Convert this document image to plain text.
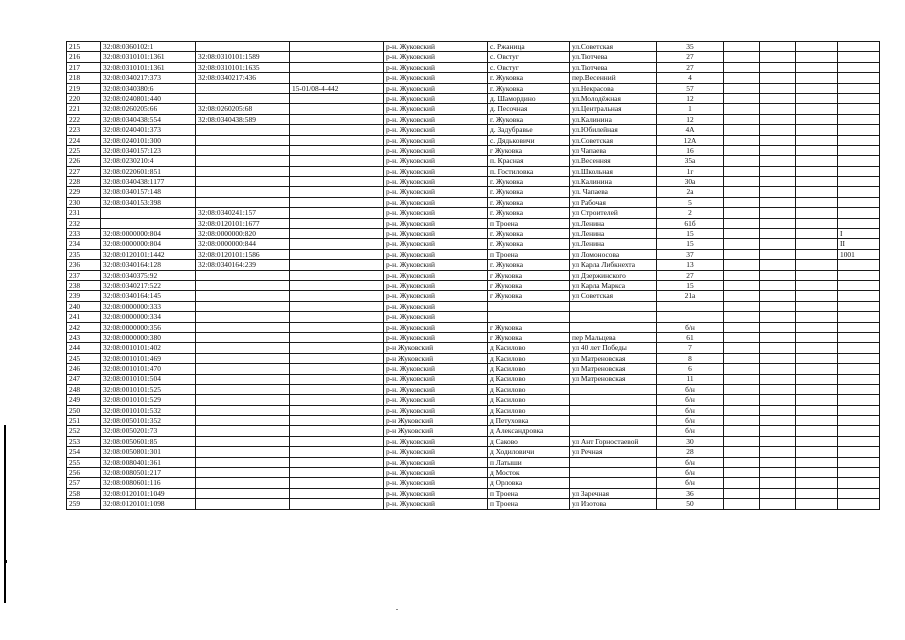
215	32:08:0360102:1			р-н. Жуковский	с. Ржаница	ул.Советская	35				
216	32:08:0310101:1361	32:08:0310101:1589		р-н. Жуковский	с. Овстуг	ул.Тютчева	27				
217	32:08:0310101:1361	32:08:0310101:1635		р-н. Жуковский	с. Овстуг	ул.Тютчева	27				
218	32:08:0340217:373	32:08:0340217:436		р-н. Жуковский	г. Жуковка	пер.Весенний	4				
219	32:08:0340380:6		15-01/08-4-442	р-н. Жуковский	г. Жуковка	ул.Некрасова	57				
220	32:08:0240801:440			р-н. Жуковский	д. Шамордино	ул.Молодёжная	12				
221	32:08:0260205:66	32:08:0260205:68		р-н. Жуковский	д. Песочная	ул.Центральная	1				
222	32:08:0340438:554	32:08:0340438:589		р-н. Жуковский	г. Жуковка	ул.Калинина	12				
223	32:08:0240401:373			р-н. Жуковский	д. Задубравье	ул.Юбилейная	4А				
224	32:08:0240101:300			р-н. Жуковский	с. Дядьковичи	ул.Советская	12А				
225	32:08:0340157:123			р-н. Жуковский	г Жуковка	ул Чапаева	16				
226	32:08:0230210:4			р-н. Жуковский	п. Красная	ул.Весенняя	35а				
227	32:08:0220601:851			р-н. Жуковский	п. Гостиловка	ул.Школьная	1г				
228	32:08:0340438:1177			р-н. Жуковский	г. Жуковка	ул.Калинина	30а				
229	32:08:0340157:148			р-н. Жуковский	г. Жуковка	ул. Чапаева	2а				
230	32:08:0340153:398			р-н. Жуковский	г. Жуковка	ул Рабочая	5				
231		32:08:0340241:157		р-н. Жуковский	г. Жуковка	ул Строителей	2				
232		32:08:0120101:1677		р-н. Жуковский	п Троена	ул.Ленина	61б				
233	32:08:0000000:804	32:08:0000000:820		р-н. Жуковский	г. Жуковка	ул.Ленина	15				I
234	32:08:0000000:804	32:08:0000000:844		р-н. Жуковский	г. Жуковка	ул.Ленина	15				II
235	32:08:0120101:1442	32:08:0120101:1586		р-н. Жуковский	п Троена	ул Ломоносова	37				1001
236	32:08:0340164:128	32:08:0340164:239		р-н. Жуковский	г. Жуковка	ул Карла Либкнехта	13				
237	32:08:0340375:92			р-н. Жуковский	г Жуковка	ул Дзержинского	27				
238	32:08:0340217:522			р-н. Жуковский	г Жуковка	ул Карла Маркса	15				
239	32:08:0340164:145			р-н. Жуковский	г Жуковка	ул Советская	21а				
240	32:08:0000000:333			р-н. Жуковский							
241	32:08:0000000:334			р-н. Жуковский							
242	32:08:0000000:356			р-н. Жуковский	г Жуковка		б/н				
243	32:08:0000000:380			р-н. Жуковский	г Жуковка	пер Мальцева	61				
244	32:08:0010101:402			р-н Жуковский	д Касилово	ул 40 лет Победы	7				
245	32:08:0010101:469			р-н Жуковский	д Касилово	ул Матреновская	8				
246	32:08:0010101:470			р-н. Жуковский	д Касилово	ул Матреновская	6				
247	32:08:0010101:504			р-н. Жуковский	д Касилово	ул Матреновская	11				
248	32:08:0010101:525			р-н. Жуковский	д Касилово		б/н				
249	32:08:0010101:529			р-н. Жуковский	д Касилово		б/н				
250	32:08:0010101:532			р-н. Жуковский	д Касилово		б/н				
251	32:08:0050101:352			р-н Жуковский	д Петуховка		б/н				
252	32:08:0050201:73			р-н Жуковский	д Александровка		б/н				
253	32:08:0050601:85			р-н. Жуковский	д Саково	ул Ант Горностаевой	30				
254	32:08:0050801:301			р-н. Жуковский	д Ходиловичи	ул Речная	28				
255	32:08:0080401:361			р-н. Жуковский	п Латыши		б/н				
256	32:08:0080501:217			р-н. Жуковский	д Мосток		б/н				
257	32:08:0080601:116			р-н. Жуковский	д Орловка		б/н				
258	32:08:0120101:1049			р-н. Жуковский	п Троена	ул Заречная	36				
259	32:08:0120101:1098			р-н. Жуковский	п Троена	ул Изотова	50				
